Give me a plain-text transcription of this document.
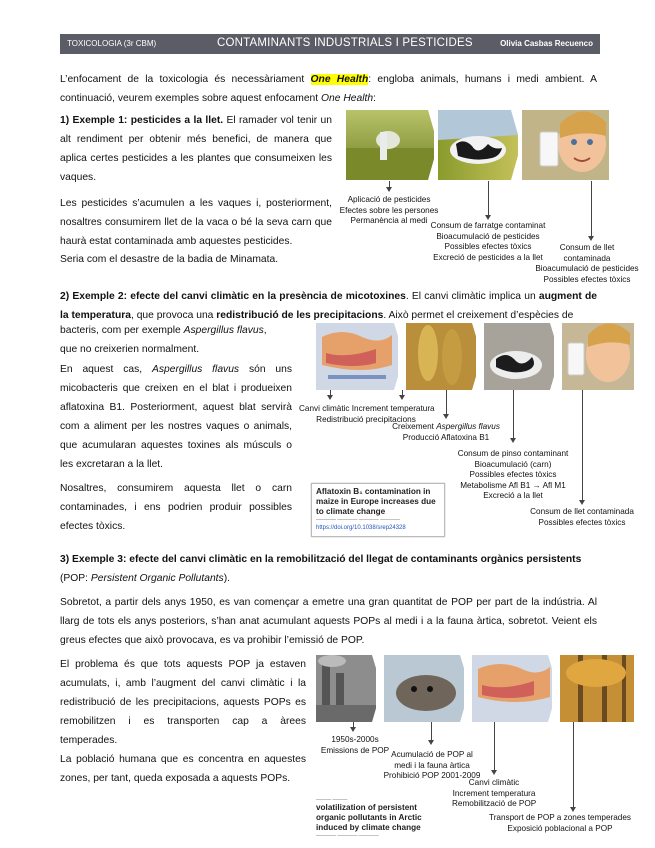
TOXICOLOGIA (3r CBM)	CONTAMINANTS INDUSTRIALS I PESTICIDES	Olivia Casbas Recuenco
L’enfocament de la toxicologia és necessàriament One Health: engloba animals, humans i medi ambient. A continuació, veurem exemples sobre aquest enfocament One Health:
1) Exemple 1: pesticides a la llet. El ramader vol tenir un alt rendiment per obtenir més benefici, de manera que aplica certes pesticides a les plantes que consumeixen les vaques.
Les pesticides s’acumulen a les vaques i, posteriorment, nosaltres consumirem llet de la vaca o bé la seva carn que haurà estat contaminada amb aquestes pesticides.
Seria com el desastre de la badia de Minamata.
Aplicació de pesticides
Efectes sobre les persones
Permanència al medi
Consum de farratge contaminat
Bioacumulació de pesticides
Possibles efectes tòxics
Excreció de pesticides a la llet
Consum de llet
contaminada
Bioacumulació de pesticides
Possibles efectes tòxics
2) Exemple 2: efecte del canvi climàtic en la presència de micotoxines. El canvi climàtic implica un augment de la temperatura, que provoca una redistribució de les precipitacions. Això permet el creixement d’espècies de
bacteris, com per exemple Aspergillus flavus,
que no creixerien normalment.
En aquest cas, Aspergillus flavus són uns micobacteris que creixen en el blat i produeixen aflatoxina B1. Posteriorment, aquest blat servirà com a aliment per les nostres vaques o animals, que acumularan aquestes toxines als músculs o les excretaran a la llet.
Nosaltres, consumirem aquesta llet o carn contaminades, i ens podrien produir possibles efectes tòxics.
Canvi climàtic Increment temperatura
Redistribució precipitacions
Creixement Aspergillus flavus
Producció Aflatoxina B1
Consum de pinso contaminant
Bioacumulació (carn)
Possibles efectes tòxics
Metabolisme Afl B1 → Afl M1
Excreció a la llet
Consum de llet contaminada
Possibles efectes tòxics
Aflatoxin B₁ contamination in maize in Europe increases due to climate change
———— ———— ———— ————
https://doi.org/10.1038/srep24328
3) Exemple 3: efecte del canvi climàtic en la remobilització del llegat de contaminants orgànics persistents
(POP: Persistent Organic Pollutants).
Sobretot, a partir dels anys 1950, es van començar a emetre una gran quantitat de POP per part de la indústria. Al llarg de tots els anys posteriors, s’han anat acumulant aquests POPs al medi i a la fauna àrtica, sobretot. Veient els greus efectes que això provocava, es va prohibir l’emissió de POP.
El problema és que tots aquests POP ja estaven acumulats, i, amb l’augment del canvi climàtic i la redistribució de les precipitacions, aquests POPs es remobilitzen i es transporten cap a àrees temperades.
La població humana que es concentra en aquestes zones, per tant, queda exposada a aquests POPs.
1950s-2000s
Emissions de POP Acumulació de POP al
medi i la fauna àrtica
Prohibició POP 2001-2009
Canvi climàtic
Increment temperatura
Remobilització de POP
Transport de POP a zones temperades
Exposició poblacional a POP
——— ———
volatilization of persistent organic pollutants in Arctic induced by climate change
———— ———— ————
